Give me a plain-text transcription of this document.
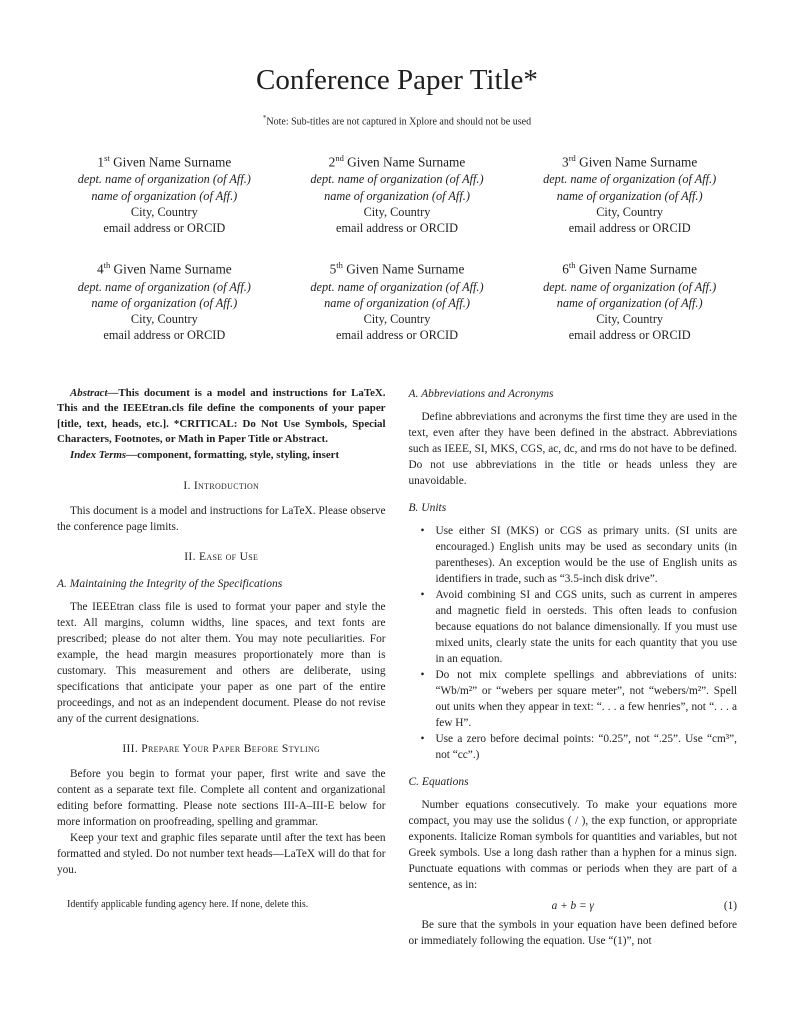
Conference Paper Title*
*Note: Sub-titles are not captured in Xplore and should not be used
1st Given Name Surname
dept. name of organization (of Aff.)
name of organization (of Aff.)
City, Country
email address or ORCID
2nd Given Name Surname
dept. name of organization (of Aff.)
name of organization (of Aff.)
City, Country
email address or ORCID
3rd Given Name Surname
dept. name of organization (of Aff.)
name of organization (of Aff.)
City, Country
email address or ORCID
4th Given Name Surname
dept. name of organization (of Aff.)
name of organization (of Aff.)
City, Country
email address or ORCID
5th Given Name Surname
dept. name of organization (of Aff.)
name of organization (of Aff.)
City, Country
email address or ORCID
6th Given Name Surname
dept. name of organization (of Aff.)
name of organization (of Aff.)
City, Country
email address or ORCID

Abstract—This document is a model and instructions for LaTeX. This and the IEEEtran.cls file define the components of your paper [title, text, heads, etc.]. *CRITICAL: Do Not Use Symbols, Special Characters, Footnotes, or Math in Paper Title or Abstract.

Index Terms—component, formatting, style, styling, insert

I. Introduction

This document is a model and instructions for LaTeX. Please observe the conference page limits.

II. Ease of Use
A. Maintaining the Integrity of the Specifications

The IEEEtran class file is used to format your paper and style the text. All margins, column widths, line spaces, and text fonts are prescribed; please do not alter them. You may note peculiarities. For example, the head margin measures proportionately more than is customary. This measurement and others are deliberate, using specifications that anticipate your paper as one part of the entire proceedings, and not as an independent document. Please do not revise any of the current designations.

III. Prepare Your Paper Before Styling

Before you begin to format your paper, first write and save the content as a separate text file. Complete all content and organizational editing before formatting. Please note sections III-A–III-E below for more information on proofreading, spelling and grammar.

Keep your text and graphic files separate until after the text has been formatted and styled. Do not number text heads—LaTeX will do that for you.

Identify applicable funding agency here. If none, delete this.
A. Abbreviations and Acronyms

Define abbreviations and acronyms the first time they are used in the text, even after they have been defined in the abstract. Abbreviations such as IEEE, SI, MKS, CGS, ac, dc, and rms do not have to be defined. Do not use abbreviations in the title or heads unless they are unavoidable.

B. Units
• Use either SI (MKS) or CGS as primary units. (SI units are encouraged.) English units may be used as secondary units (in parentheses). An exception would be the use of English units as identifiers in trade, such as “3.5-inch disk drive”.
• Avoid combining SI and CGS units, such as current in amperes and magnetic field in oersteds. This often leads to confusion because equations do not balance dimensionally. If you must use mixed units, clearly state the units for each quantity that you use in an equation.
• Do not mix complete spellings and abbreviations of units: “Wb/m²” or “webers per square meter”, not “webers/m²”. Spell out units when they appear in text: “. . . a few henries”, not “. . . a few H”.
• Use a zero before decimal points: “0.25”, not “.25”. Use “cm³”, not “cc”.)
C. Equations

Number equations consecutively. To make your equations more compact, you may use the solidus ( / ), the exp function, or appropriate exponents. Italicize Roman symbols for quantities and variables, but not Greek symbols. Use a long dash rather than a hyphen for a minus sign. Punctuate equations with commas or periods when they are part of a sentence, as in:

a + b = γ	(1)

Be sure that the symbols in your equation have been defined before or immediately following the equation. Use “(1)”, not
